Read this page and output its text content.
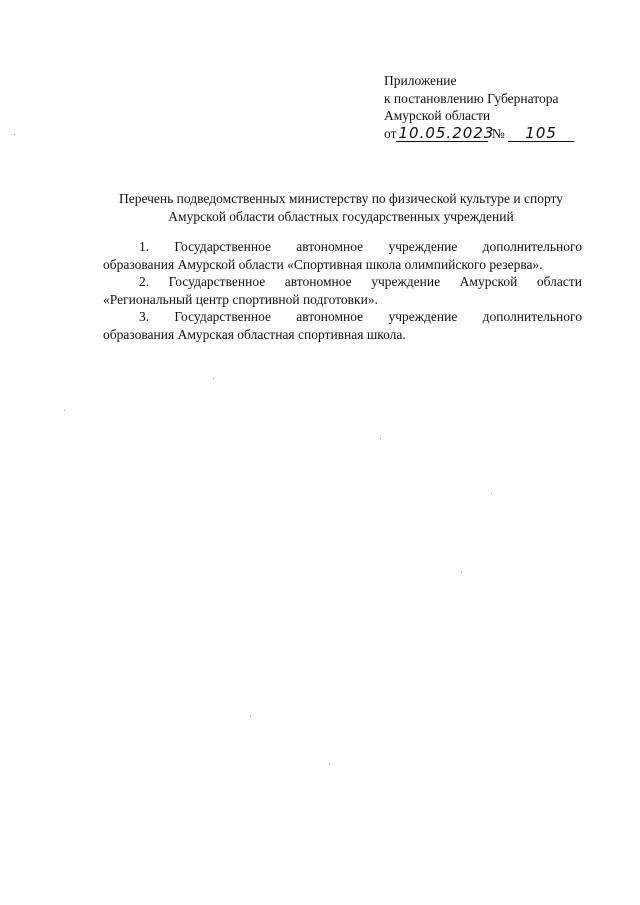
Приложение
к постановлению Губернатора
Амурской области
от 10.05.2023 № 105
Перечень подведомственных министерству по физической культуре и спорту
Амурской области областных государственных учреждений
1. Государственное автономное учреждение дополнительного
образования Амурской области «Спортивная школа олимпийского резерва».
2. Государственное автономное учреждение Амурской области
«Региональный центр спортивной подготовки».
3. Государственное автономное учреждение дополнительного
образования Амурская областная спортивная школа.
